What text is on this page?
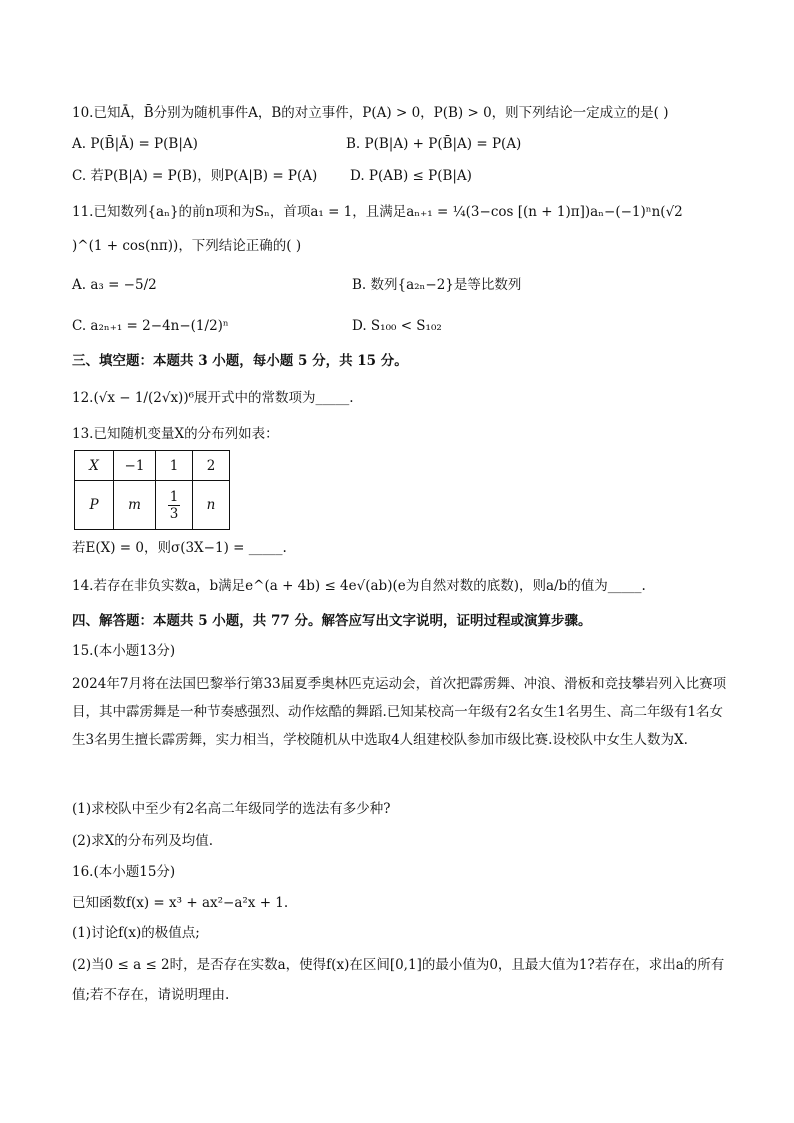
10.已知Ā，B̄分别为随机事件A，B的对立事件，P(A) > 0，P(B) > 0，则下列结论一定成立的是( )
A. P(B̄|Ā) = P(B|A)	B. P(B|A) + P(B̄|A) = P(A)
C. 若P(B|A) = P(B)，则P(A|B) = P(A) D. P(AB) ≤ P(B|A)
11.已知数列{aₙ}的前n项和为Sₙ，首项a₁ = 1，且满足aₙ₊₁ = ¼(3−cos [(n + 1)π])aₙ−(−1)ⁿn(√2
)^(1 + cos(nπ))，下列结论正确的( )
A. a₃ = −5/2	B. 数列{a₂ₙ−2}是等比数列
C. a₂ₙ₊₁ = 2−4n−(1/2)ⁿ	D. S₁₀₀ < S₁₀₂
三、填空题：本题共 3 小题，每小题 5 分，共 15 分。
12.(√x − 1/(2√x))⁶展开式中的常数项为_____.
13.已知随机变量X的分布列如表：
X	−1	1	2
P	m	$\frac{1}{3}$	n
若E(X) = 0，则σ(3X−1) = _____.
14.若存在非负实数a，b满足e^(a + 4b) ≤ 4e√(ab)(e为自然对数的底数)，则a/b的值为_____.
四、解答题：本题共 5 小题，共 77 分。解答应写出文字说明，证明过程或演算步骤。
15.(本小题13分)
2024年7月将在法国巴黎举行第33届夏季奥林匹克运动会，首次把霹雳舞、冲浪、滑板和竞技攀岩列入比赛项目，其中霹雳舞是一种节奏感强烈、动作炫酷的舞蹈.已知某校高一年级有2名女生1名男生、高二年级有1名女生3名男生擅长霹雳舞，实力相当，学校随机从中选取4人组建校队参加市级比赛.设校队中女生人数为X.
(1)求校队中至少有2名高二年级同学的选法有多少种?
(2)求X的分布列及均值.
16.(本小题15分)
已知函数f(x) = x³ + ax²−a²x + 1.
(1)讨论f(x)的极值点;
(2)当0 ≤ a ≤ 2时，是否存在实数a，使得f(x)在区间[0,1]的最小值为0，且最大值为1?若存在，求出a的所有值;若不存在，请说明理由.
